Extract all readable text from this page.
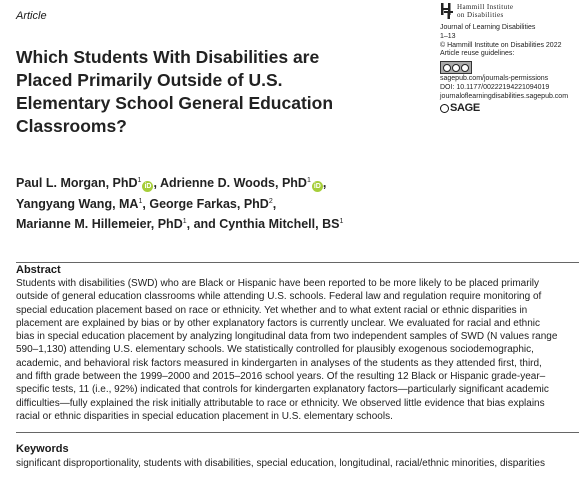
Article
Which Students With Disabilities are
Placed Primarily Outside of U.S.
Elementary School General Education
Classrooms?
Paul L. Morgan, PhD$^1$iD , Adrienne D. Woods, PhD$^1$iD ,
Yangyang Wang, $MA^1$, George Farkas, PhD$^2$,
Marianne M. Hillemeier, PhD$^1$, and Cynthia Mitchell, $BS^1$
Hammill Institute
on Disabilities
Journal of Learning Disabilities
1–13
© Hammill Institute on Disabilities 2022
Article reuse guidelines:
sagepub.com/journals-permissions
DOI: 10.1177/00222194221094019
journaloflearningdisabilities.sagepub.com
SAGE
Abstract
Students with disabilities (SWD) who are Black or Hispanic have been reported to be more likely to be placed primarily
outside of general education classrooms while attending U.S. schools. Federal law and regulation require monitoring of
special education placement based on race or ethnicity. Yet whether and to what extent racial or ethnic disparities in
placement are explained by bias or by other explanatory factors is currently unclear. We evaluated for racial and ethnic
bias in special education placement by analyzing longitudinal data from two independent samples of SWD (N values range
590–1,130) attending U.S. elementary schools. We statistically controlled for plausibly exogenous sociodemographic,
academic, and behavioral risk factors measured in kindergarten in analyses of the students as they attended first, third,
and fifth grade between the 1999–2000 and 2015–2016 school years. Of the resulting 12 Black or Hispanic grade-year–
specific tests, 11 (i.e., 92%) indicated that controls for kindergarten explanatory factors—particularly significant academic
difficulties—fully explained the risk initially attributable to race or ethnicity. We observed little evidence that bias explains
racial or ethnic disparities in special education placement in U.S. elementary schools.
Keywords
significant disproportionality, students with disabilities, special education, longitudinal, racial/ethnic minorities, disparities
